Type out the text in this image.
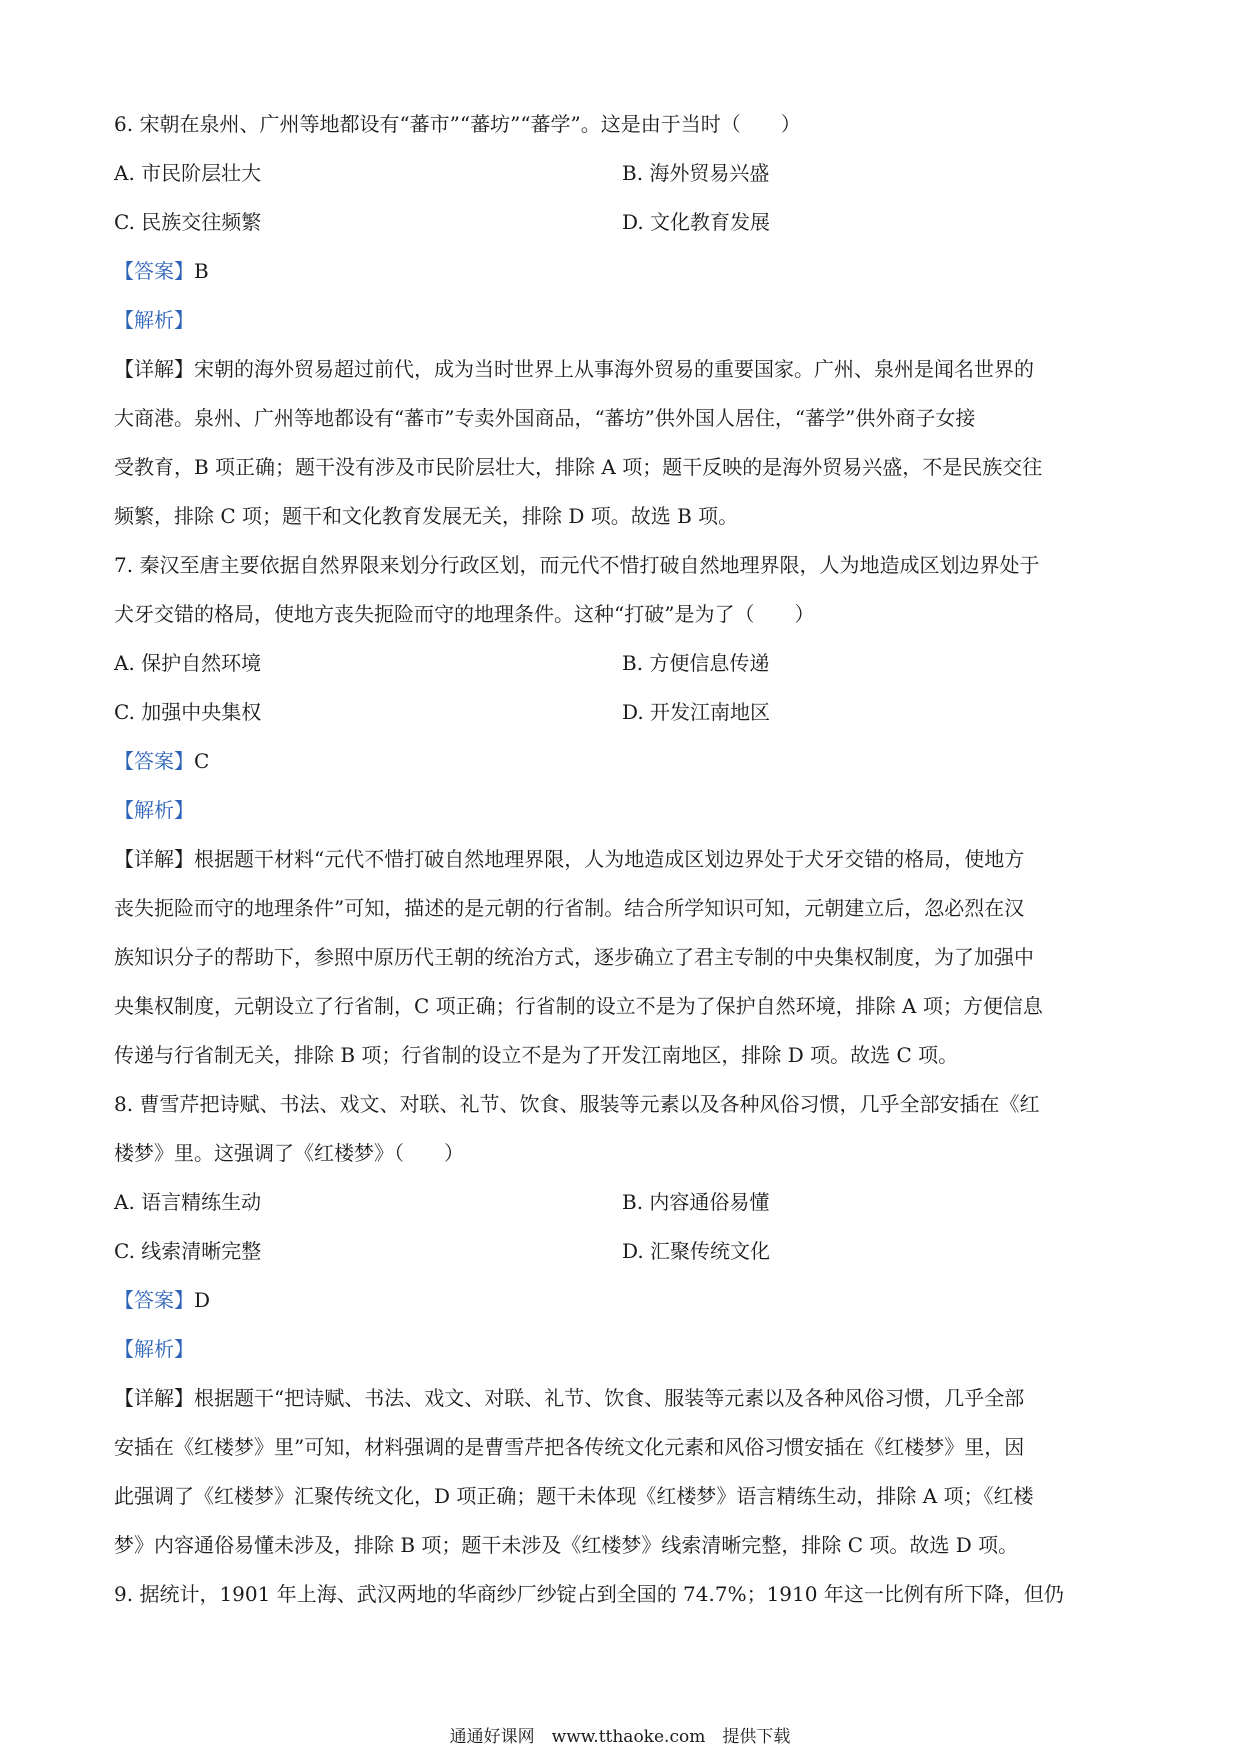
6. 宋朝在泉州、广州等地都设有“蕃市”“蕃坊”“蕃学”。这是由于当时（　　）
A. 市民阶层壮大	B. 海外贸易兴盛
C. 民族交往频繁	D. 文化教育发展
【答案】B
【解析】
【详解】宋朝的海外贸易超过前代，成为当时世界上从事海外贸易的重要国家。广州、泉州是闻名世界的
大商港。泉州、广州等地都设有“蕃市”专卖外国商品，“蕃坊”供外国人居住，“蕃学”供外商子女接
受教育，B 项正确；题干没有涉及市民阶层壮大，排除 A 项；题干反映的是海外贸易兴盛，不是民族交往
频繁，排除 C 项；题干和文化教育发展无关，排除 D 项。故选 B 项。
7. 秦汉至唐主要依据自然界限来划分行政区划，而元代不惜打破自然地理界限，人为地造成区划边界处于
犬牙交错的格局，使地方丧失扼险而守的地理条件。这种“打破”是为了（　　）
A. 保护自然环境	B. 方便信息传递
C. 加强中央集权	D. 开发江南地区
【答案】C
【解析】
【详解】根据题干材料“元代不惜打破自然地理界限，人为地造成区划边界处于犬牙交错的格局，使地方
丧失扼险而守的地理条件”可知，描述的是元朝的行省制。结合所学知识可知，元朝建立后，忽必烈在汉
族知识分子的帮助下，参照中原历代王朝的统治方式，逐步确立了君主专制的中央集权制度，为了加强中
央集权制度，元朝设立了行省制，C 项正确；行省制的设立不是为了保护自然环境，排除 A 项；方便信息
传递与行省制无关，排除 B 项；行省制的设立不是为了开发江南地区，排除 D 项。故选 C 项。
8. 曹雪芹把诗赋、书法、戏文、对联、礼节、饮食、服装等元素以及各种风俗习惯，几乎全部安插在《红
楼梦》里。这强调了《红楼梦》（　　）
A. 语言精练生动	B. 内容通俗易懂
C. 线索清晰完整	D. 汇聚传统文化
【答案】D
【解析】
【详解】根据题干“把诗赋、书法、戏文、对联、礼节、饮食、服装等元素以及各种风俗习惯，几乎全部
安插在《红楼梦》里”可知，材料强调的是曹雪芹把各传统文化元素和风俗习惯安插在《红楼梦》里，因
此强调了《红楼梦》汇聚传统文化，D 项正确；题干未体现《红楼梦》语言精练生动，排除 A 项；《红楼
梦》内容通俗易懂未涉及，排除 B 项；题干未涉及《红楼梦》线索清晰完整，排除 C 项。故选 D 项。
9. 据统计，1901 年上海、武汉两地的华商纱厂纱锭占到全国的 74.7%；1910 年这一比例有所下降，但仍
通通好课网　www.tthaoke.com　提供下载
